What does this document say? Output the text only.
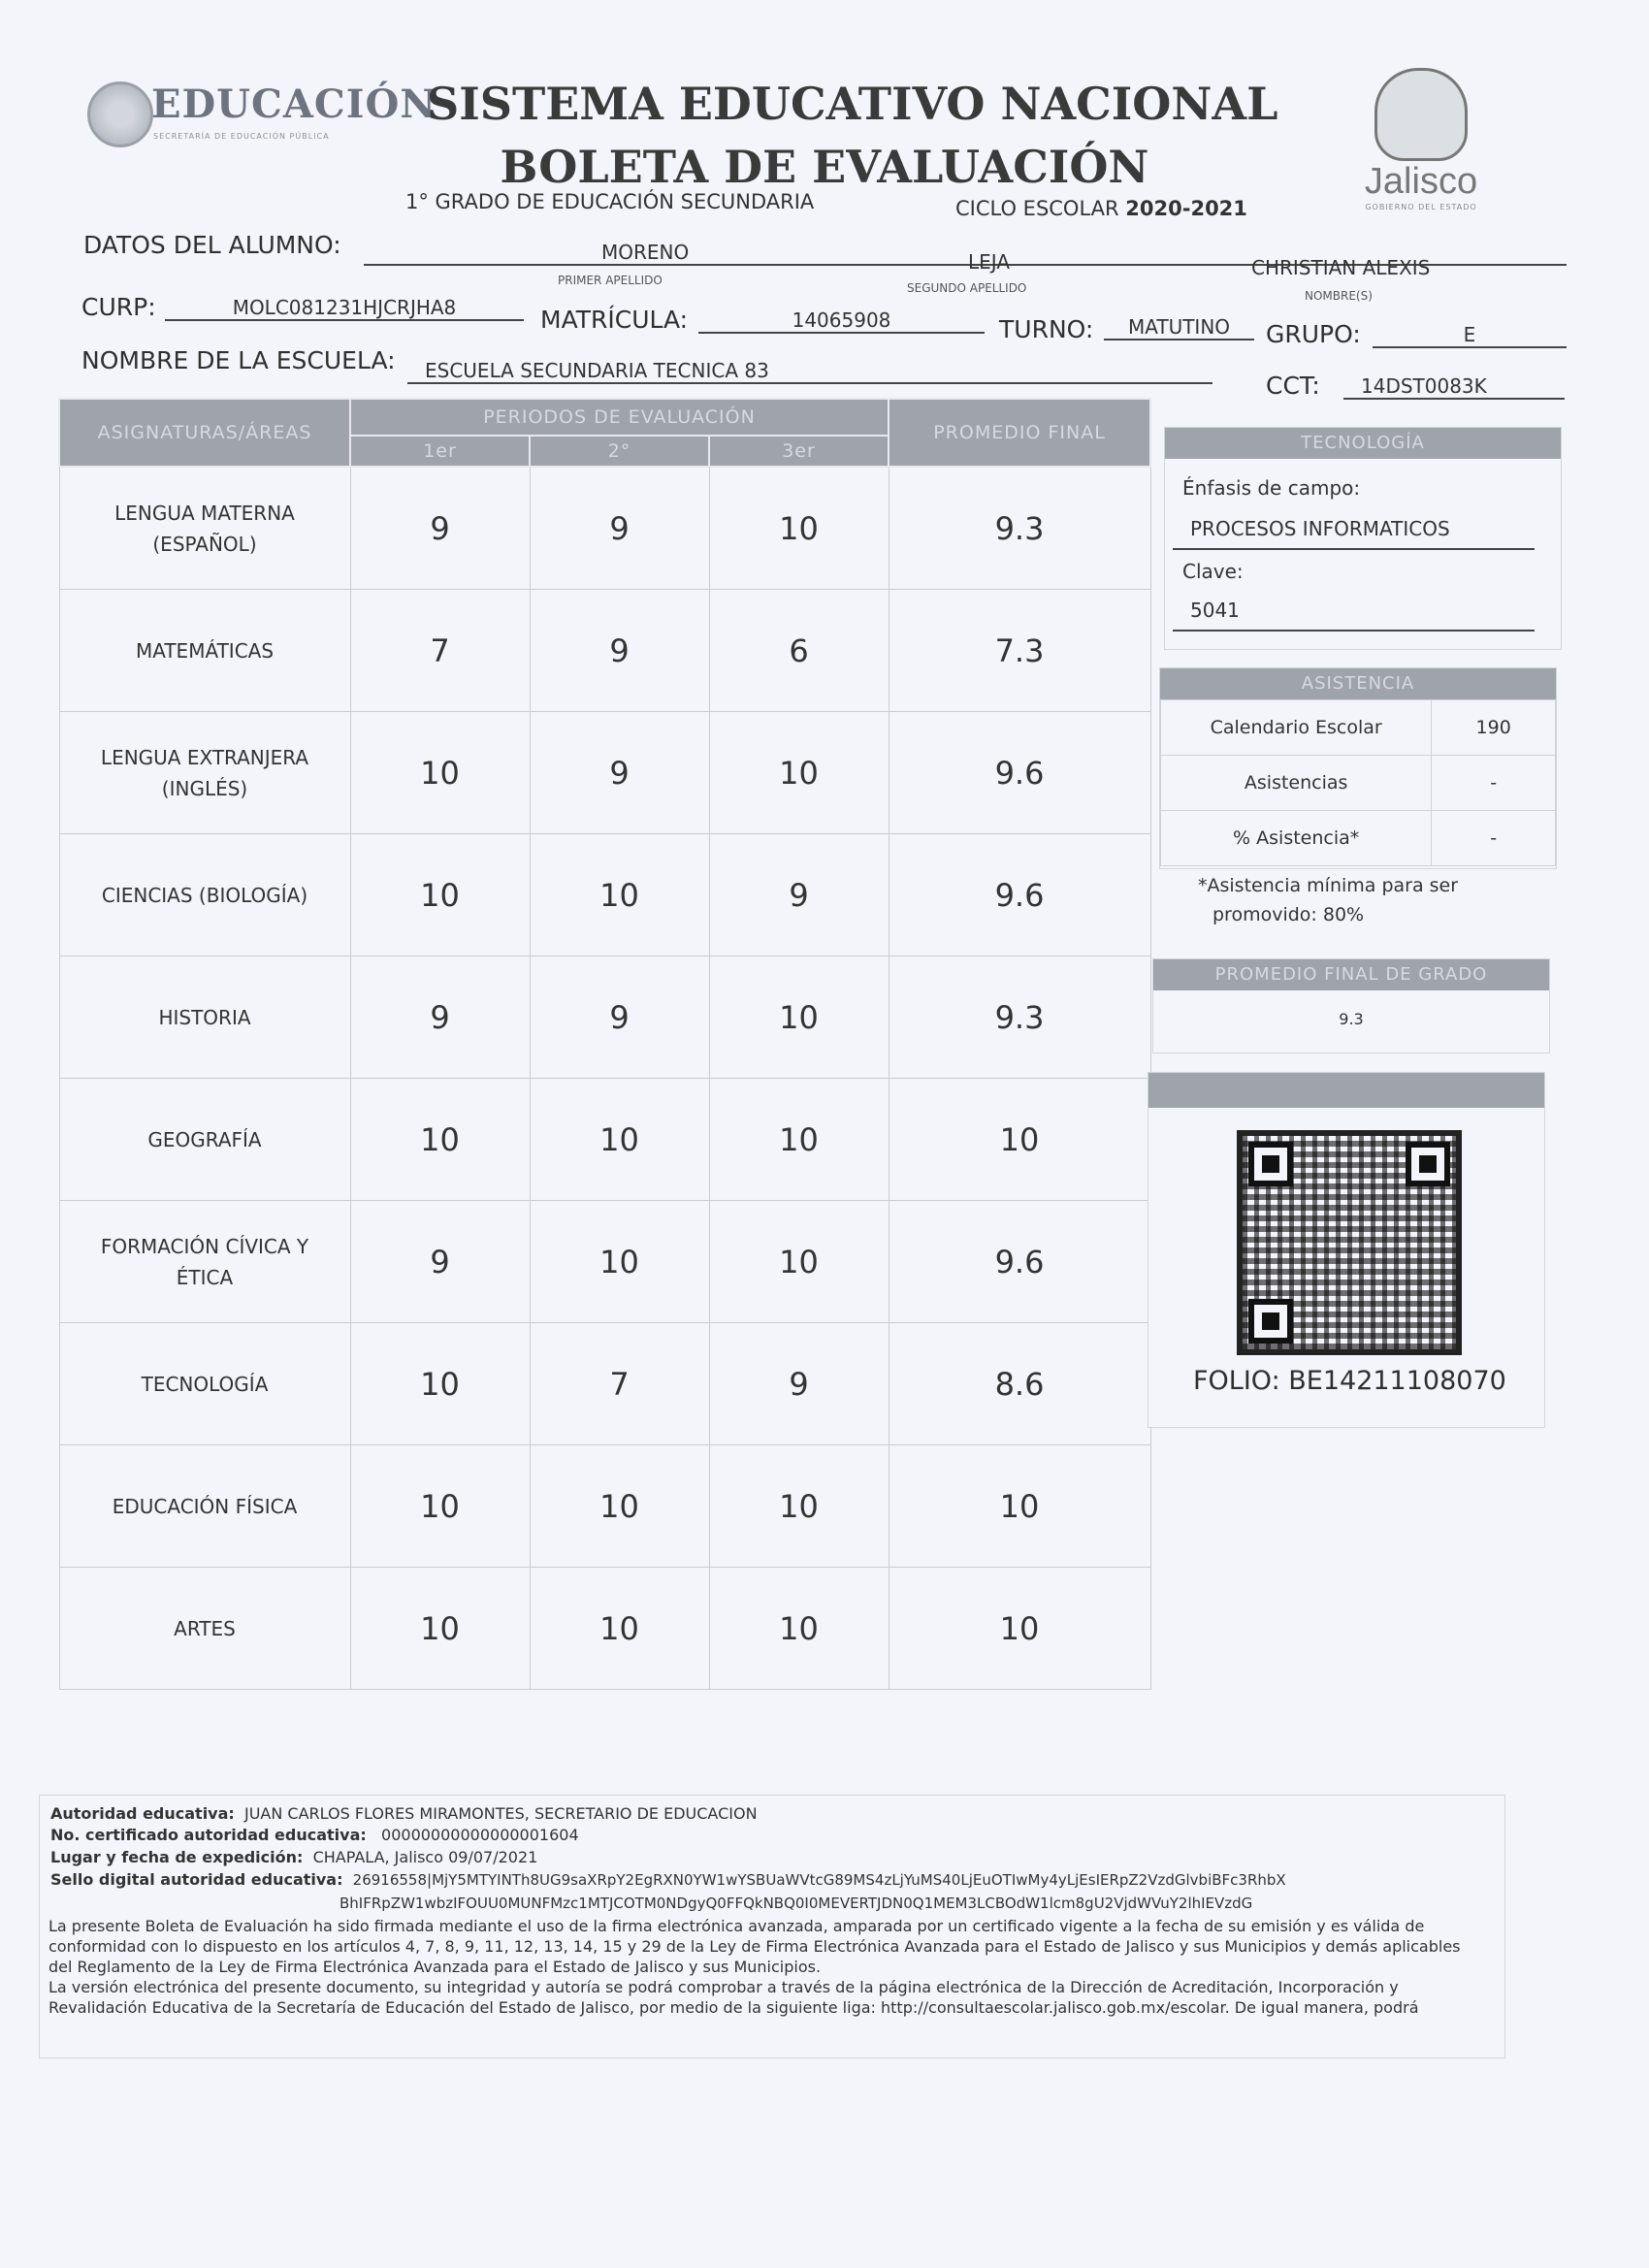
EDUCACIÓN
SECRETARÍA DE EDUCACIÓN PÚBLICA
SISTEMA EDUCATIVO NACIONAL
BOLETA DE EVALUACIÓN
1° GRADO DE EDUCACIÓN SECUNDARIA	CICLO ESCOLAR 2020-2021
Jalisco
GOBIERNO DEL ESTADO
DATOS DEL ALUMNO:	MORENO
PRIMER APELLIDO
LEJA
SEGUNDO APELLIDO
CHRISTIAN ALEXIS
NOMBRE(S)
CURP:	MOLC081231HJCRJHA8	MATRÍCULA:	14065908	TURNO:	MATUTINO	GRUPO:	E
NOMBRE DE LA ESCUELA:	ESCUELA SECUNDARIA TECNICA 83
CCT:	14DST0083K
ASIGNATURAS/ÁREAS	PERIODOS DE EVALUACIÓN			PROMEDIO FINAL
	1er	2°	3er	

LENGUA MATERNA
(ESPAÑOL)	9	9	10	9.3

MATEMÁTICAS	7	9	6	7.3

LENGUA EXTRANJERA
(INGLÉS)	10	9	10	9.6

CIENCIAS (BIOLOGÍA)	10	10	9	9.6

HISTORIA	9	9	10	9.3

GEOGRAFÍA	10	10	10	10

FORMACIÓN CÍVICA Y
ÉTICA	9	10	10	9.6

TECNOLOGÍA	10	7	9	8.6

EDUCACIÓN FÍSICA	10	10	10	10

ARTES	10	10	10	10
TECNOLOGÍA
Énfasis de campo:
PROCESOS INFORMATICOS
Clave:
5041
ASISTENCIA
Calendario Escolar	190
Asistencias	-
% Asistencia*	-
*Asistencia mínima para ser
promovido: 80%
PROMEDIO FINAL DE GRADO
9.3
FOLIO: BE14211108070
Autoridad educativa: JUAN CARLOS FLORES MIRAMONTES, SECRETARIO DE EDUCACION
No. certificado autoridad educativa: 00000000000000001604
Lugar y fecha de expedición: CHAPALA, Jalisco 09/07/2021
Sello digital autoridad educativa: 26916558|MjY5MTYINTh8UG9saXRpY2EgRXN0YW1wYSBUaWVtcG89MS4zLjYuMS40LjEuOTIwMy4yLjEsIERpZ2VzdGlvbiBFc3RhbX
BhIFRpZW1wbzIFOUU0MUNFMzc1MTJCOTM0NDgyQ0FFQkNBQ0I0MEVERTJDN0Q1MEM3LCBOdW1lcm8gU2VjdWVuY2lhIEVzdG
La presente Boleta de Evaluación ha sido firmada mediante el uso de la firma electrónica avanzada, amparada por un certificado vigente a la fecha de su emisión y es válida de
conformidad con lo dispuesto en los artículos 4, 7, 8, 9, 11, 12, 13, 14, 15 y 29 de la Ley de Firma Electrónica Avanzada para el Estado de Jalisco y sus Municipios y demás aplicables
del Reglamento de la Ley de Firma Electrónica Avanzada para el Estado de Jalisco y sus Municipios.
La versión electrónica del presente documento, su integridad y autoría se podrá comprobar a través de la página electrónica de la Dirección de Acreditación, Incorporación y
Revalidación Educativa de la Secretaría de Educación del Estado de Jalisco, por medio de la siguiente liga: http://consultaescolar.jalisco.gob.mx/escolar. De igual manera, podrá
